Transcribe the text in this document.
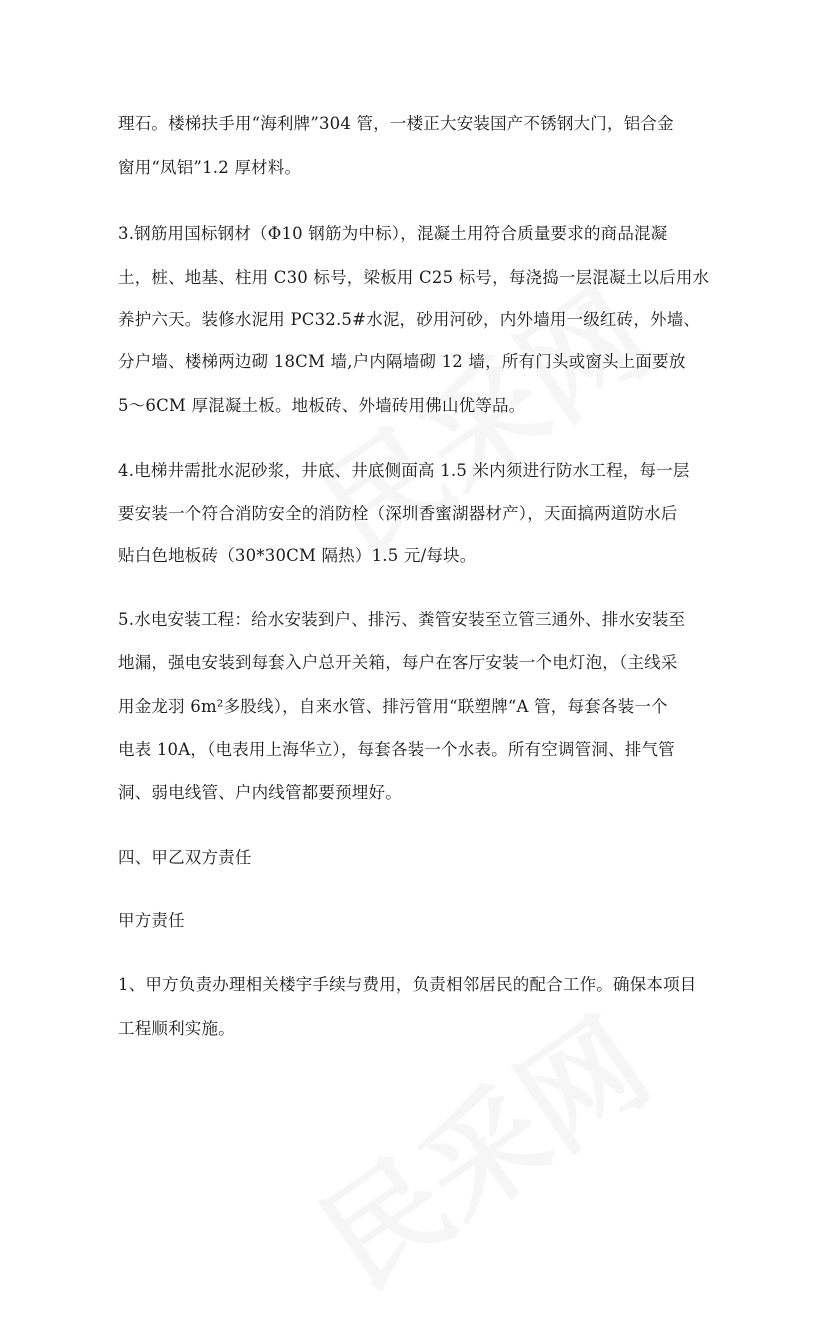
理石。楼梯扶手用“海利牌”304 管，一楼正大安装国产不锈钢大门，铝合金
窗用“凤铝”1.2 厚材料。
3.钢筋用国标钢材（Φ10 钢筋为中标），混凝土用符合质量要求的商品混凝
土，桩、地基、柱用 C30 标号，梁板用 C25 标号，每浇捣一层混凝土以后用水
养护六天。装修水泥用 PC32.5#水泥，砂用河砂，内外墙用一级红砖，外墙、
分户墙、楼梯两边砌 18CM 墙,户内隔墙砌 12 墙，所有门头或窗头上面要放
5～6CM 厚混凝土板。地板砖、外墙砖用佛山优等品。
4.电梯井需批水泥砂浆，井底、井底侧面高 1.5 米内须进行防水工程，每一层
要安装一个符合消防安全的消防栓（深圳香蜜湖器材产），天面搞两道防水后
贴白色地板砖（30*30CM 隔热）1.5 元/每块。
5.水电安装工程：给水安装到户、排污、粪管安装至立管三通外、排水安装至
地漏，强电安装到每套入户总开关箱，每户在客厅安装一个电灯泡，（主线采
用金龙羽 6m²多股线），自来水管、排污管用“联塑牌“A 管，每套各装一个
电表 10A，（电表用上海华立），每套各装一个水表。所有空调管洞、排气管
洞、弱电线管、户内线管都要预埋好。
四、甲乙双方责任
甲方责任
1、甲方负责办理相关楼宇手续与费用，负责相邻居民的配合工作。确保本项目
工程顺利实施。
